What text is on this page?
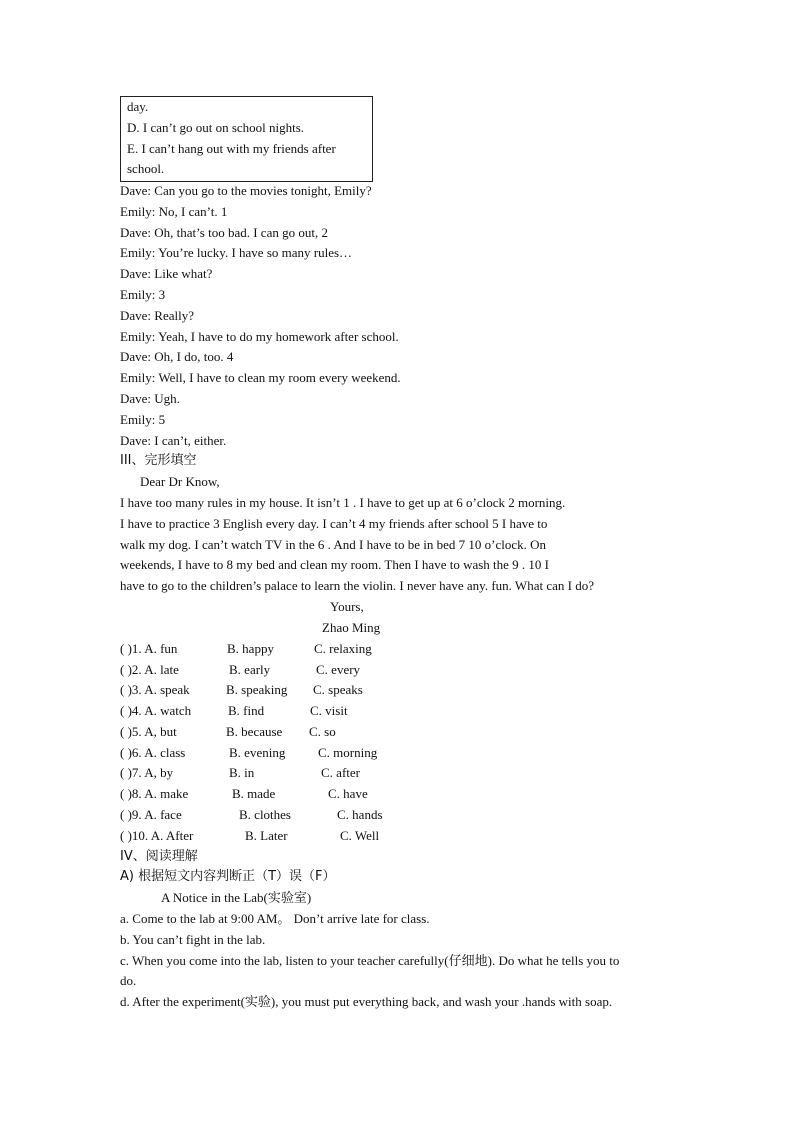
day.
D. I can’t go out on school nights.
E. I can’t hang out with my friends after
school.
Dave: Can you go to the movies tonight, Emily?
Emily: No, I can’t. 1
Dave: Oh, that’s too bad. I can go out, 2
Emily: You’re lucky. I have so many rules…
Dave: Like what?
Emily: 3
Dave: Really?
Emily: Yeah, I have to do my homework after school.
Dave: Oh, I do, too. 4
Emily: Well, I have to clean my room every weekend.
Dave: Ugh.
Emily: 5
Dave: I can’t, either.
III、完形填空
Dear Dr Know,
I have too many rules in my house. It isn’t 1 . I have to get up at 6 o’clock 2 morning.
I have to practice 3 English every day. I can’t 4 my friends after school 5 I have to
walk my dog. I can’t watch TV in the 6 . And I have to be in bed 7 10 o’clock. On
weekends, I have to 8 my bed and clean my room. Then I have to wash the 9 . 10 I
have to go to the children’s palace to learn the violin. I never have any. fun. What can I do?
Yours,
Zhao Ming
( )1. A. fun	B. happy	C. relaxing
( )2. A. late	B. early	C. every
( )3. A. speak	B. speaking C. speaks
( )4. A. watch	B. find	C. visit
( )5. A, but	B. because C. so
( )6. A. class	B. evening	C. morning
( )7. A, by	B. in	C. after
( )8. A. make	B. made	C. have
( )9. A. face	B. clothes	C. hands
( )10. A. After	B. Later	C. Well
IV、阅读理解
A) 根据短文内容判断正（T）误（F）
A Notice in the Lab(实验室)
a. Come to the lab at 9:00 AM。 Don’t arrive late for class.
b. You can’t fight in the lab.
c. When you come into the lab, listen to your teacher carefully(仔细地). Do what he tells you to
do.
d. After the experiment(实验), you must put everything back, and wash your .hands with soap.
